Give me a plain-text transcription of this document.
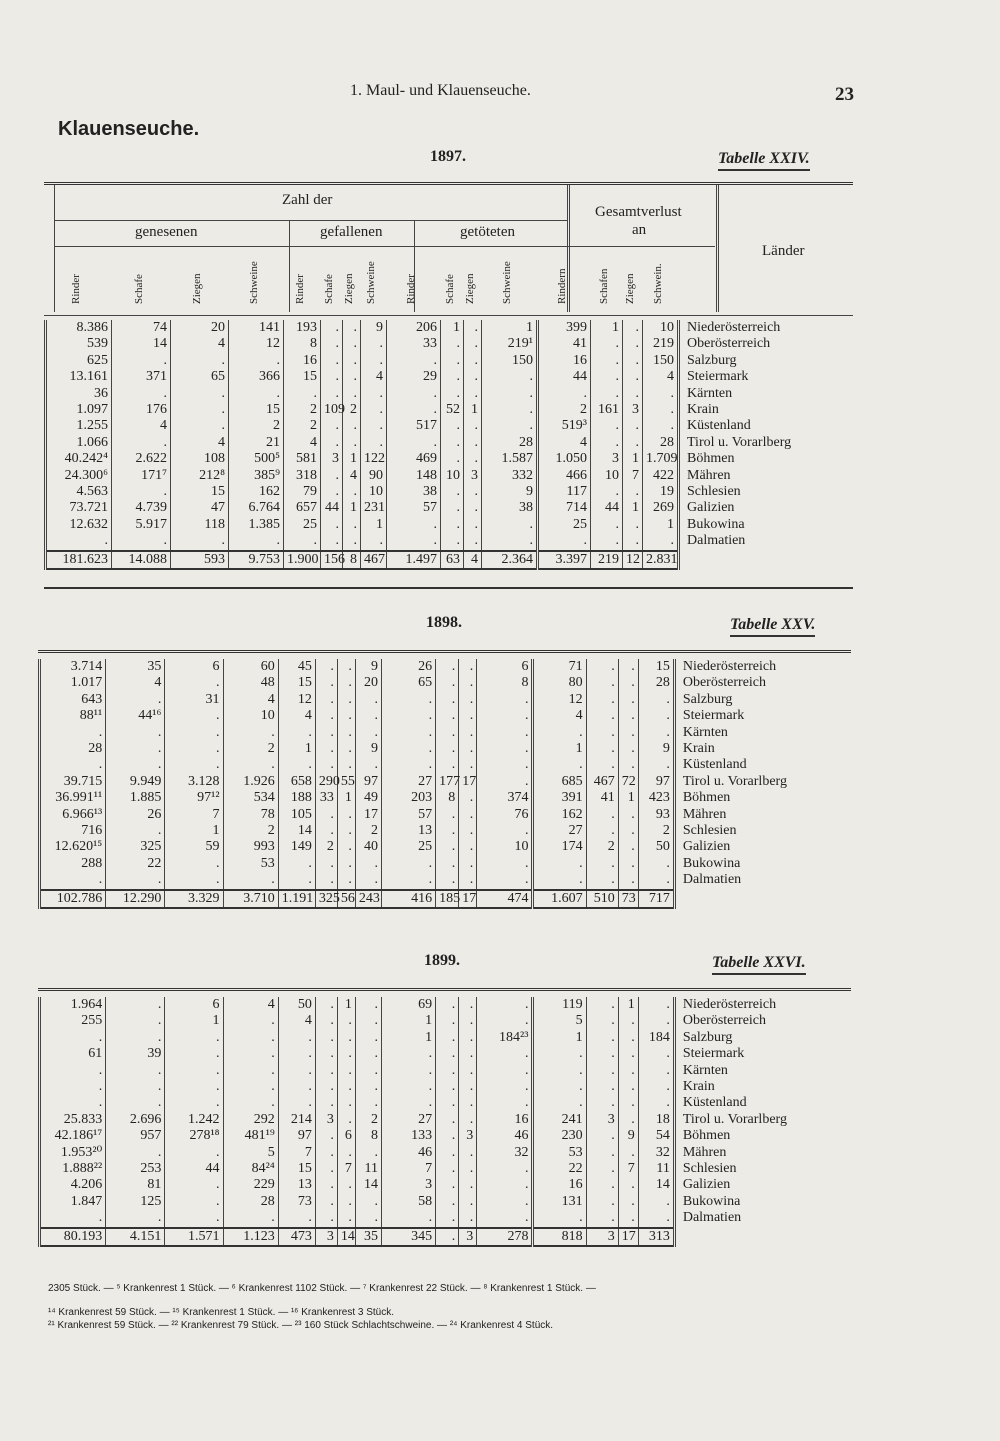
1. Maul- und Klauenseuche.	23
Klauenseuche.
1897.	Tabelle XXIV.
Zahl der
genesenen	gefallenen	getöteten
Gesamtverlust
an
Länder
Rinder	Schafe	Ziegen	Schweine	Rinder Schafe Ziegen Schweine	Rinder Schafe Ziegen Schweine	Rindern	Schafen Ziegen Schwein.
8.386	74	20	141	193	.	.	9	206	1	.	1	399	1	.	10	Niederösterreich
539	14	4	12	8	.	.	.	33	.	.	219¹	41	.	.	219	Oberösterreich
625	.	.	.	16	.	.	.	.	.	.	150	16	.	.	150	Salzburg
13.161	371	65	366	15	.	.	4	29	.	.	.	44	.	.	4	Steiermark
36	.	.	.	.	.	.	.	.	.	.	.	.	.	.	.	Kärnten
1.097	176	.	15	2	109	2	.	.	52	1	.	2	161	3	.	Krain
1.255	4	.	2	2	.	.	.	517	.	.	.	519³	.	.	.	Küstenland
1.066	.	4	21	4	.	.	.	.	.	.	28	4	.	.	28	Tirol u. Vorarlberg
40.242⁴	2.622	108	500⁵	581	3	1	122	469	.	.	1.587	1.050	3	1	1.709	Böhmen
24.300⁶	171⁷	212⁸	385⁹	318	.	4	90	148	10	3	332	466	10	7	422	Mähren
4.563	.	15	162	79	.	.	10	38	.	.	9	117	.	.	19	Schlesien
73.721	4.739	47	6.764	657	44	1	231	57	.	.	38	714	44	1	269	Galizien
12.632	5.917	118	1.385	25	.	.	1	.	.	.	.	25	.	.	1	Bukowina
.	.	.	.	.	.	.	.	.	.	.	.	.	.	.	.	Dalmatien
181.623	14.088	593	9.753	1.900	156	8	467	1.497	63	4	2.364	3.397	219	12	2.831	
1898.	Tabelle XXV.
3.714	35	6	60	45	.	.	9	26	.	.	6	71	.	.	15	Niederösterreich
1.017	4	.	48	15	.	.	20	65	.	.	8	80	.	.	28	Oberösterreich
643	.	31	4	12	.	.	.	.	.	.	.	12	.	.	.	Salzburg
88¹¹	44¹⁶	.	10	4	.	.	.	.	.	.	.	4	.	.	.	Steiermark
.	.	.	.	.	.	.	.	.	.	.	.	.	.	.	.	Kärnten
28	.	.	2	1	.	.	9	.	.	.	.	1	.	.	9	Krain
.	.	.	.	.	.	.	.	.	.	.	.	.	.	.	.	Küstenland
39.715	9.949	3.128	1.926	658	290	55	97	27	177	17	.	685	467	72	97	Tirol u. Vorarlberg
36.991¹¹	1.885	97¹²	534	188	33	1	49	203	8	.	374	391	41	1	423	Böhmen
6.966¹³	26	7	78	105	.	.	17	57	.	.	76	162	.	.	93	Mähren
716	.	1	2	14	.	.	2	13	.	.	.	27	.	.	2	Schlesien
12.620¹⁵	325	59	993	149	2	.	40	25	.	.	10	174	2	.	50	Galizien
288	22	.	53	.	.	.	.	.	.	.	.	.	.	.	.	Bukowina
.	.	.	.	.	.	.	.	.	.	.	.	.	.	.	.	Dalmatien
102.786	12.290	3.329	3.710	1.191	325	56	243	416	185	17	474	1.607	510	73	717	
1899.	Tabelle XXVI.
1.964	.	6	4	50	.	1	.	69	.	.	.	119	.	1	.	Niederösterreich
255	.	1	.	4	.	.	.	1	.	.	.	5	.	.	.	Oberösterreich
.	.	.	.	.	.	.	.	1	.	.	184²³	1	.	.	184	Salzburg
61	39	.	.	.	.	.	.	.	.	.	.	.	.	.	.	Steiermark
.	.	.	.	.	.	.	.	.	.	.	.	.	.	.	.	Kärnten
.	.	.	.	.	.	.	.	.	.	.	.	.	.	.	.	Krain
.	.	.	.	.	.	.	.	.	.	.	.	.	.	.	.	Küstenland
25.833	2.696	1.242	292	214	3	.	2	27	.	.	16	241	3	.	18	Tirol u. Vorarlberg
42.186¹⁷	957	278¹⁸	481¹⁹	97	.	6	8	133	.	3	46	230	.	9	54	Böhmen
1.953²⁰	.	.	5	7	.	.	.	46	.	.	32	53	.	.	32	Mähren
1.888²²	253	44	84²⁴	15	.	7	11	7	.	.	.	22	.	7	11	Schlesien
4.206	81	.	229	13	.	.	14	3	.	.	.	16	.	.	14	Galizien
1.847	125	.	28	73	.	.	.	58	.	.	.	131	.	.	.	Bukowina
.	.	.	.	.	.	.	.	.	.	.	.	.	.	.	.	Dalmatien
80.193	4.151	1.571	1.123	473	3	14	35	345	.	3	278	818	3	17	313	
2305 Stück. — ⁵ Krankenrest 1 Stück. — ⁶ Krankenrest 1102 Stück. — ⁷ Krankenrest 22 Stück. — ⁸ Krankenrest 1 Stück. —
¹⁴ Krankenrest 59 Stück. — ¹⁵ Krankenrest 1 Stück. — ¹⁶ Krankenrest 3 Stück.
²¹ Krankenrest 59 Stück. — ²² Krankenrest 79 Stück. — ²³ 160 Stück Schlachtschweine. — ²⁴ Krankenrest 4 Stück.
